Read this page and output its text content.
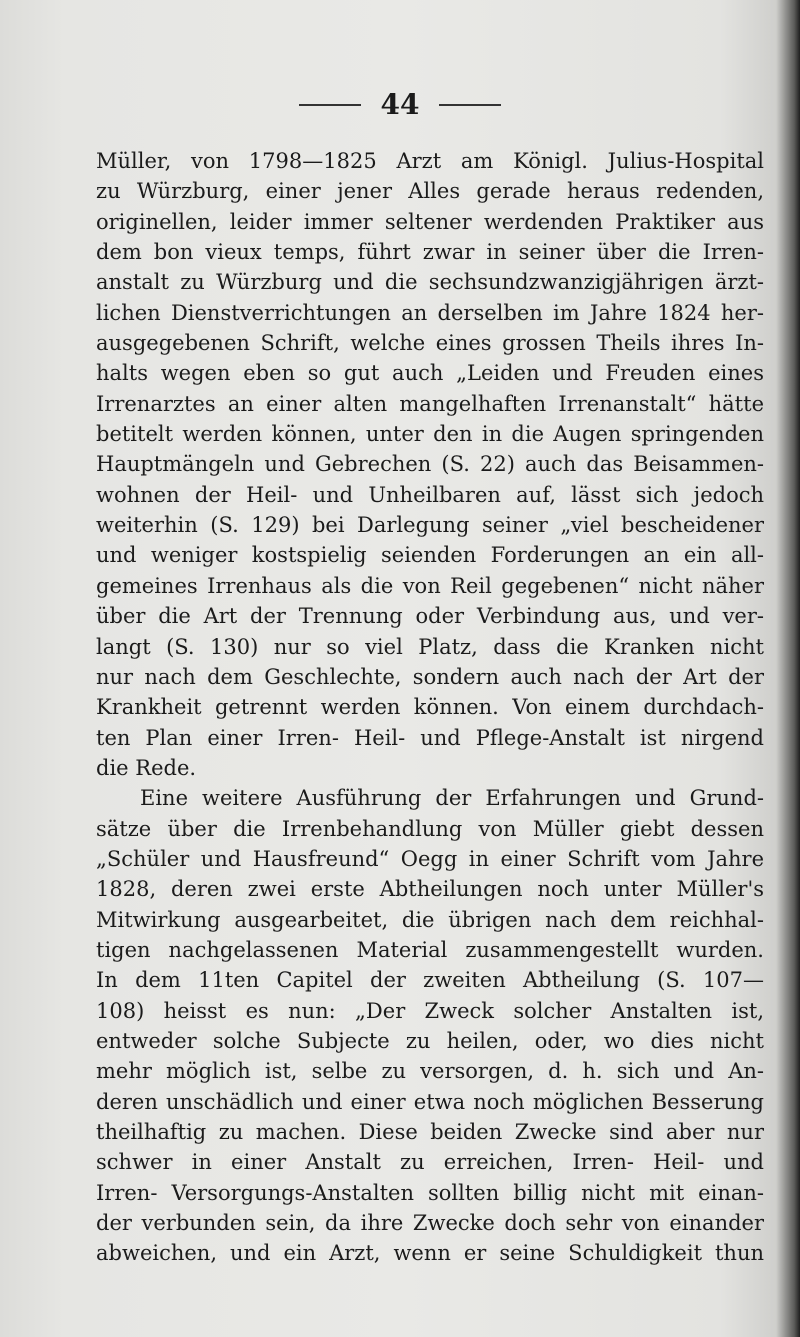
44
Müller, von 1798—1825 Arzt am Königl. Julius-Hospital
zu Würzburg, einer jener Alles gerade heraus redenden,
originellen, leider immer seltener werdenden Praktiker aus
dem bon vieux temps, führt zwar in seiner über die Irren-
anstalt zu Würzburg und die sechsundzwanzigjährigen ärzt-
lichen Dienstverrichtungen an derselben im Jahre 1824 her-
ausgegebenen Schrift, welche eines grossen Theils ihres In-
halts wegen eben so gut auch „Leiden und Freuden eines
Irrenarztes an einer alten mangelhaften Irrenanstalt“ hätte
betitelt werden können, unter den in die Augen springenden
Hauptmängeln und Gebrechen (S. 22) auch das Beisammen-
wohnen der Heil- und Unheilbaren auf, lässt sich jedoch
weiterhin (S. 129) bei Darlegung seiner „viel bescheidener
und weniger kostspielig seienden Forderungen an ein all-
gemeines Irrenhaus als die von Reil gegebenen“ nicht näher
über die Art der Trennung oder Verbindung aus, und ver-
langt (S. 130) nur so viel Platz, dass die Kranken nicht
nur nach dem Geschlechte, sondern auch nach der Art der
Krankheit getrennt werden können. Von einem durchdach-
ten Plan einer Irren- Heil- und Pflege-Anstalt ist nirgend
die Rede.
Eine weitere Ausführung der Erfahrungen und Grund-
sätze über die Irrenbehandlung von Müller giebt dessen
„Schüler und Hausfreund“ Oegg in einer Schrift vom Jahre
1828, deren zwei erste Abtheilungen noch unter Müller's
Mitwirkung ausgearbeitet, die übrigen nach dem reichhal-
tigen nachgelassenen Material zusammengestellt wurden.
In dem 11ten Capitel der zweiten Abtheilung (S. 107—
108) heisst es nun: „Der Zweck solcher Anstalten ist,
entweder solche Subjecte zu heilen, oder, wo dies nicht
mehr möglich ist, selbe zu versorgen, d. h. sich und An-
deren unschädlich und einer etwa noch möglichen Besserung
theilhaftig zu machen. Diese beiden Zwecke sind aber nur
schwer in einer Anstalt zu erreichen, Irren- Heil- und
Irren- Versorgungs-Anstalten sollten billig nicht mit einan-
der verbunden sein, da ihre Zwecke doch sehr von einander
abweichen, und ein Arzt, wenn er seine Schuldigkeit thun
